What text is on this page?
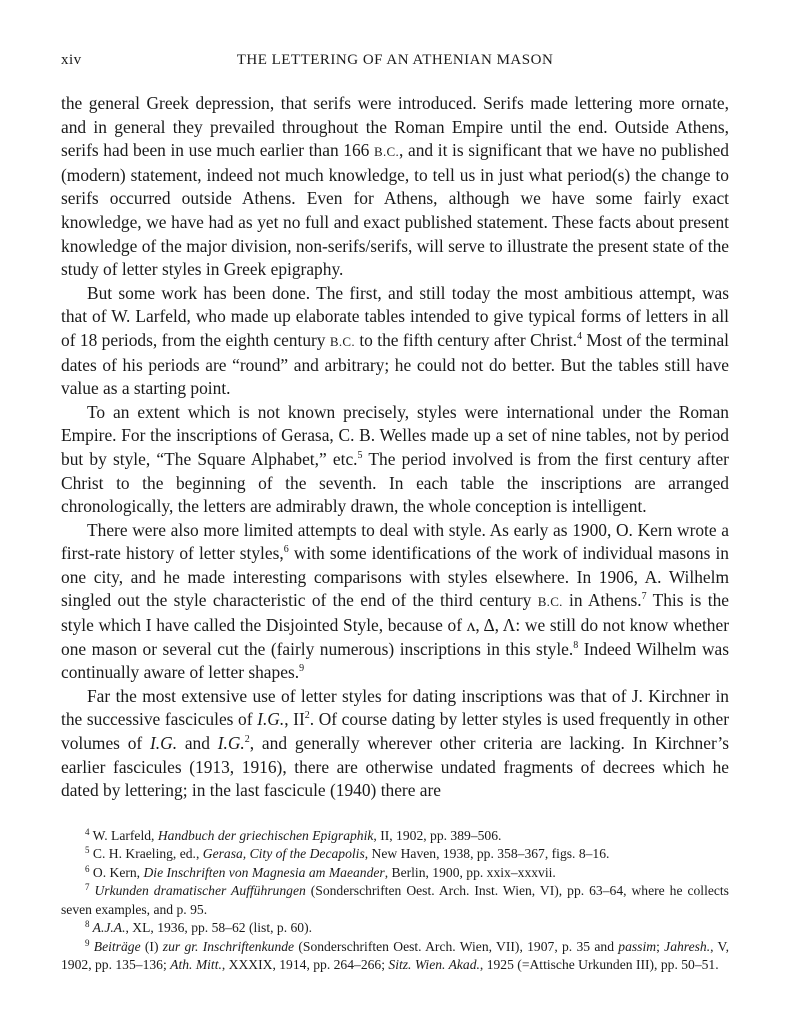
xiv	THE LETTERING OF AN ATHENIAN MASON

the general Greek depression, that serifs were introduced. Serifs made lettering more ornate, and in general they prevailed throughout the Roman Empire until the end. Outside Athens, serifs had been in use much earlier than 166 B.C., and it is significant that we have no published (modern) statement, indeed not much knowledge, to tell us in just what period(s) the change to serifs occurred outside Athens. Even for Athens, although we have some fairly exact knowledge, we have had as yet no full and exact published statement. These facts about present knowledge of the major division, non-serifs/serifs, will serve to illustrate the present state of the study of letter styles in Greek epigraphy.

But some work has been done. The first, and still today the most ambitious attempt, was that of W. Larfeld, who made up elaborate tables intended to give typical forms of letters in all of 18 periods, from the eighth century B.C. to the fifth century after Christ.$^4$ Most of the terminal dates of his periods are “round” and arbitrary; he could not do better. But the tables still have value as a starting point.

To an extent which is not known precisely, styles were international under the Roman Empire. For the inscriptions of Gerasa, C. B. Welles made up a set of nine tables, not by period but by style, “The Square Alphabet,” etc.$^5$ The period involved is from the first century after Christ to the beginning of the seventh. In each table the inscriptions are arranged chronologically, the letters are admirably drawn, the whole conception is intelligent.

There were also more limited attempts to deal with style. As early as 1900, O. Kern wrote a first-rate history of letter styles,$^6$ with some identifications of the work of individual masons in one city, and he made interesting comparisons with styles elsewhere. In 1906, A. Wilhelm singled out the style characteristic of the end of the third century B.C. in Athens.$^7$ This is the style which I have called the Disjointed Style, because of ᴧ, Δ, Λ: we still do not know whether one mason or several cut the (fairly numerous) inscriptions in this style.$^8$ Indeed Wilhelm was continually aware of letter shapes.$^9$

Far the most extensive use of letter styles for dating inscriptions was that of J. Kirchner in the successive fascicules of I.G., $II^2$. Of course dating by letter styles is used frequently in other volumes of I.G. and I.G.$^2$, and generally wherever other criteria are lacking. In Kirchner’s earlier fascicules (1913, 1916), there are otherwise undated fragments of decrees which he dated by lettering; in the last fascicule (1940) there are

$^4$ W. Larfeld, Handbuch der griechischen Epigraphik, II, 1902, pp. 389–506.

$^5$ C. H. Kraeling, ed., Gerasa, City of the Decapolis, New Haven, 1938, pp. 358–367, figs. 8–16.

$^6$ O. Kern, Die Inschriften von Magnesia am Maeander, Berlin, 1900, pp. xxix–xxxvii.

$^7$ Urkunden dramatischer Aufführungen (Sonderschriften Oest. Arch. Inst. Wien, VI), pp. 63–64, where he collects seven examples, and p. 95.

$^8$ A.J.A., XL, 1936, pp. 58–62 (list, p. 60).

$^9$ Beiträge (I) zur gr. Inschriftenkunde (Sonderschriften Oest. Arch. Wien, VII), 1907, p. 35 and passim; Jahresh., V, 1902, pp. 135–136; Ath. Mitt., XXXIX, 1914, pp. 264–266; Sitz. Wien. Akad., 1925 (=Attische Urkunden III), pp. 50–51.
